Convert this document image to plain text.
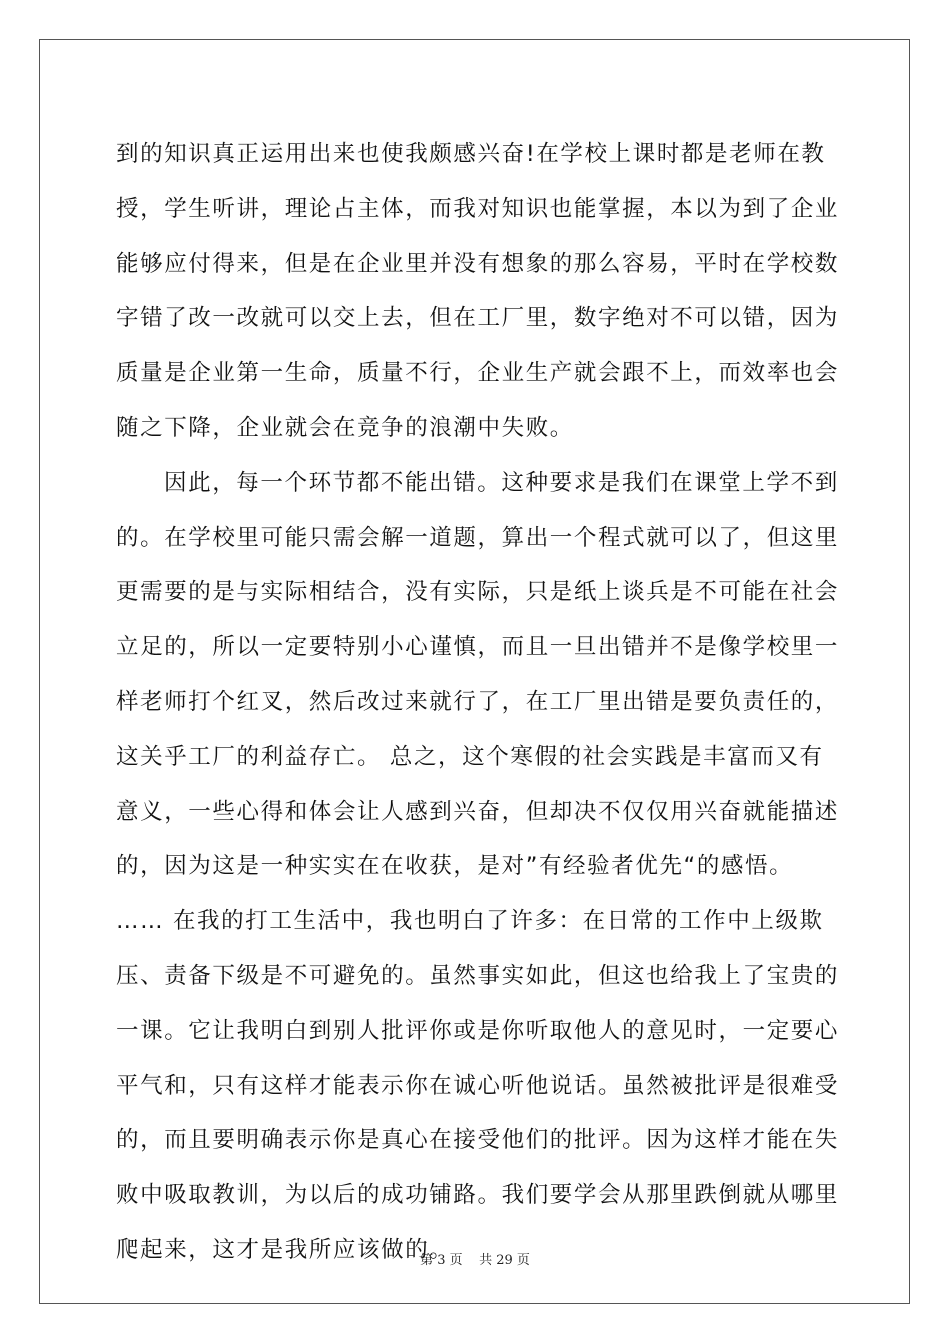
到的知识真正运用出来也使我颇感兴奋!在学校上课时都是老师在教
授，学生听讲，理论占主体，而我对知识也能掌握，本以为到了企业
能够应付得来，但是在企业里并没有想象的那么容易，平时在学校数
字错了改一改就可以交上去，但在工厂里，数字绝对不可以错，因为
质量是企业第一生命，质量不行，企业生产就会跟不上，而效率也会
随之下降，企业就会在竞争的浪潮中失败。
因此，每一个环节都不能出错。这种要求是我们在课堂上学不到
的。在学校里可能只需会解一道题，算出一个程式就可以了，但这里
更需要的是与实际相结合，没有实际，只是纸上谈兵是不可能在社会
立足的，所以一定要特别小心谨慎，而且一旦出错并不是像学校里一
样老师打个红叉，然后改过来就行了，在工厂里出错是要负责任的，
这关乎工厂的利益存亡。 总之，这个寒假的社会实践是丰富而又有
意义，一些心得和体会让人感到兴奋，但却决不仅仅用兴奋就能描述
的，因为这是一种实实在在收获，是对”有经验者优先“的感悟。
…… 在我的打工生活中，我也明白了许多：在日常的工作中上级欺
压、责备下级是不可避免的。虽然事实如此，但这也给我上了宝贵的
一课。它让我明白到别人批评你或是你听取他人的意见时，一定要心
平气和，只有这样才能表示你在诚心听他说话。虽然被批评是很难受
的，而且要明确表示你是真心在接受他们的批评。因为这样才能在失
败中吸取教训，为以后的成功铺路。我们要学会从那里跌倒就从哪里
爬起来，这才是我所应该做的。
第 3 页    共 29 页
